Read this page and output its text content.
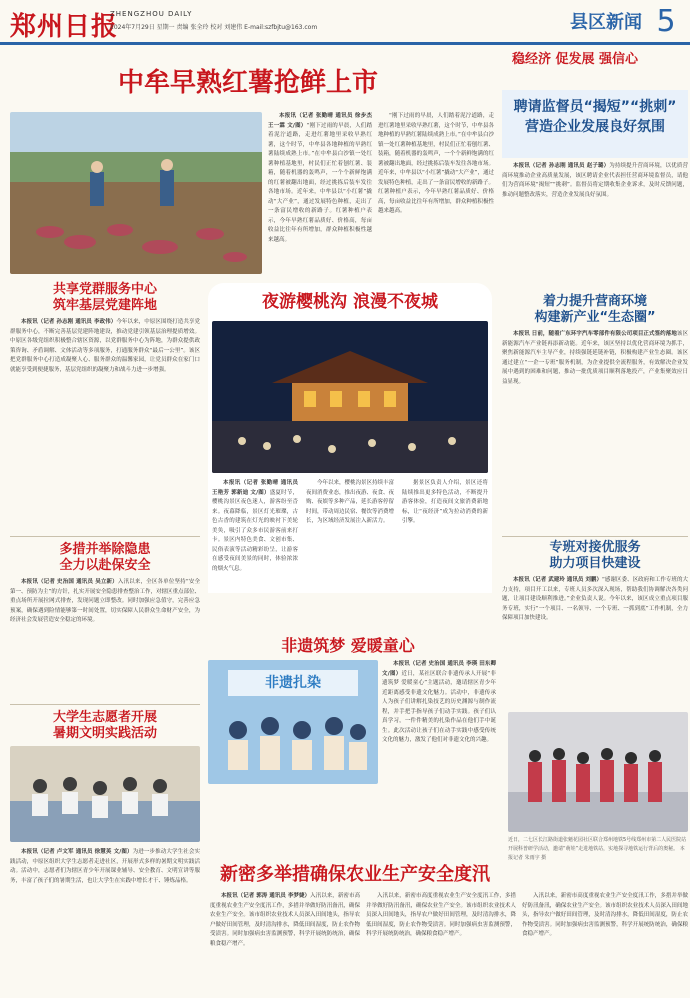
郑州日报
ZHENGZHOU DAILY
2024年7月29日 星期一 责编 张全玲 校对 刘建伟 E-mail:szfbjtu@163.com	县区新闻 5
稳经济 促发展 强信心
中牟早熟红薯抢鲜上市

本报讯（记者 张勤晴 通讯员 徐步杰 王一霖 文/图）“刚下过雨的早晨，人们踏着泥泞道路，走进红薯地里采收早熟红薯，这个时节，中牟县各地种植的早熟红薯陆续成熟上市。”在中牟县白沙镇一处红薯种植基地里，村民们正忙着刨红薯、装箱，随着机器的轰鸣声，一个个新鲜饱满的红薯被翻出地面，经过挑拣后装车发往各地市场。近年来，中牟县以“小红薯”撬动“大产业”，通过发展特色种植，走出了一条富民增收的新路子。红薯种植户表示，今年早熟红薯品质好、价格高，每亩收益比往年有所增加，群众种植积极性越来越高。

“刚下过雨的早晨，人们踏着泥泞道路，走进红薯地里采收早熟红薯，这个时节，中牟县各地种植的早熟红薯陆续成熟上市。”在中牟县白沙镇一处红薯种植基地里，村民们正忙着刨红薯、装箱，随着机器的轰鸣声，一个个新鲜饱满的红薯被翻出地面，经过挑拣后装车发往各地市场。近年来，中牟县以“小红薯”撬动“大产业”，通过发展特色种植，走出了一条富民增收的新路子。红薯种植户表示，今年早熟红薯品质好、价格高，每亩收益比往年有所增加，群众种植积极性越来越高。

聘请监督员“揭短”“挑刺”
营造企业发展良好氛围

本报讯（记者 孙志刚 通讯员 赵子璐）为持续提升营商环境，以优质营商环境推动企业高质量发展，该区聘请企业代表担任营商环境监督员，请他们为营商环境“揭短”“挑刺”。监督员将定期收集企业诉求，及时反馈问题，推动问题整改落实，营造企业发展良好氛围。

共享党群服务中心
筑牢基层党建阵地

本报讯（记者 孙志刚 通讯员 李政伟）今年以来，中原区围绕打造共享党群服务中心，不断完善基层党建阵地建设，推动党建引领基层治理提质增效。中原区各级党组织积极整合辖区资源，以党群服务中心为阵地，为群众提供政策咨询、矛盾调解、文体活动等多项服务，打通服务群众“最后一公里”。该区把党群服务中心打造成凝聚人心、服务群众的温馨家园，让党员群众在家门口就能享受到便捷服务，基层党组织的凝聚力和战斗力进一步增强。

多措并举除隐患
全力以赴保安全

本报讯（记者 史治国 通讯员 吴立新）入汛以来，全区各单位坚持“安全第一、预防为主”的方针，扎实开展安全隐患排查整治工作，对辖区重点部位、重点场所开展拉网式排查，发现问题立即整改。同时加强应急值守，完善应急预案，确保遇到险情能够第一时间处置，切实保障人民群众生命财产安全，为经济社会发展营造安全稳定的环境。

大学生志愿者开展
暑期文明实践活动

本报讯（记者 卢文军 通讯员 徐慧英 文/图）为进一步推动大学生社会实践活动，中原区组织大学生志愿者走进社区，开展形式多样的暑期文明实践活动。活动中，志愿者们为辖区青少年开展课业辅导、安全教育、文明宣讲等服务，丰富了孩子们的暑期生活，也让大学生在实践中增长才干、锤炼品格。

夜游樱桃沟 浪漫不夜城

本报讯（记者 张勤晴 通讯员 王艳芳 郭新迪 文/图）盛夏时节，樱桃沟景区夜色迷人，游客纷至沓来。夜幕降临，景区灯光璀璨，古色古香的建筑在灯光的映衬下美轮美奂，吸引了众多市民游客前来打卡。景区内特色美食、文创市集、民俗表演等活动精彩纷呈，让游客在感受夜间美景的同时，体验浓浓的烟火气息。

今年以来，樱桃沟景区持续丰富夜间消费业态，推出夜游、夜食、夜购、夜娱等多种产品，延长游客停留时间，带动周边民宿、餐饮等消费增长，为区域经济发展注入新活力。

据景区负责人介绍，景区还将陆续推出更多特色活动，不断提升游客体验，打造夜间文旅消费新地标，让“夜经济”成为拉动消费的新引擎。

着力提升营商环境
构建新产业“生态圈”

本报讯 日前，随着广东环宇汽车零部件有限公司项目正式签约落地该区新能源汽车产业链再添新动能。近年来，该区坚持以优化营商环境为抓手，聚焦新能源汽车主导产业，持续强链延链补链，积极构建产业生态圈。该区通过建立“一企一专班”服务机制，为企业提供全流程服务，有效解决企业发展中遇到的困难和问题，推动一批优质项目顺利落地投产，产业集聚效应日益显现。

专班对接优服务
助力项目快建设

本报讯（记者 武建玲 通讯员 刘鹏）“感谢区委、区政府和工作专班的大力支持，项目开工以来，专班人员多次深入现场，帮助我们协调解决各类问题，让项目建设顺利推进。”企业负责人说。今年以来，该区成立重点项目服务专班，实行“一个项目、一名领导、一个专班、一抓到底”工作机制，全力保障项目加快建设。

非遗筑梦 爱暖童心
非遗扎染

本报讯（记者 史治国 通讯员 李瑛 田东卿 文/图）近日，某社区联合非遗传承人开展“非遗筑梦 爱暖童心”主题活动，邀请辖区青少年近距离感受非遗文化魅力。活动中，非遗传承人为孩子们讲解扎染技艺的历史渊源与制作流程，并手把手指导孩子们动手实践。孩子们认真学习，一件件精美的扎染作品在他们手中诞生。此次活动让孩子们在动手实践中感受传统文化的魅力，激发了他们对非遗文化的兴趣。

近日，二七区长江路街道张魁花园社区联合郑州地铁5号线郑州市第二人民医院站开展科普研学活动，邀请“萌娃”走进地铁站，实地探寻地铁运行背后的奥秘。 本报记者 朱雨宇 摄
新密多举措确保农业生产安全度汛

本报讯（记者 郭涛 通讯员 李梦婕）入汛以来，新密市高度重视农业生产安全度汛工作，多措并举做好防汛备汛，确保农业生产安全。该市组织农业技术人员深入田间地头，指导农户做好田间管理，及时清沟排水，降低田间湿度，防止农作物受渍害。同时加强病虫害监测预警，科学开展统防统治，确保粮食稳产增产。

入汛以来，新密市高度重视农业生产安全度汛工作，多措并举做好防汛备汛，确保农业生产安全。该市组织农业技术人员深入田间地头，指导农户做好田间管理，及时清沟排水，降低田间湿度，防止农作物受渍害。同时加强病虫害监测预警，科学开展统防统治，确保粮食稳产增产。

入汛以来，新密市高度重视农业生产安全度汛工作，多措并举做好防汛备汛，确保农业生产安全。该市组织农业技术人员深入田间地头，指导农户做好田间管理，及时清沟排水，降低田间湿度，防止农作物受渍害。同时加强病虫害监测预警，科学开展统防统治，确保粮食稳产增产。
